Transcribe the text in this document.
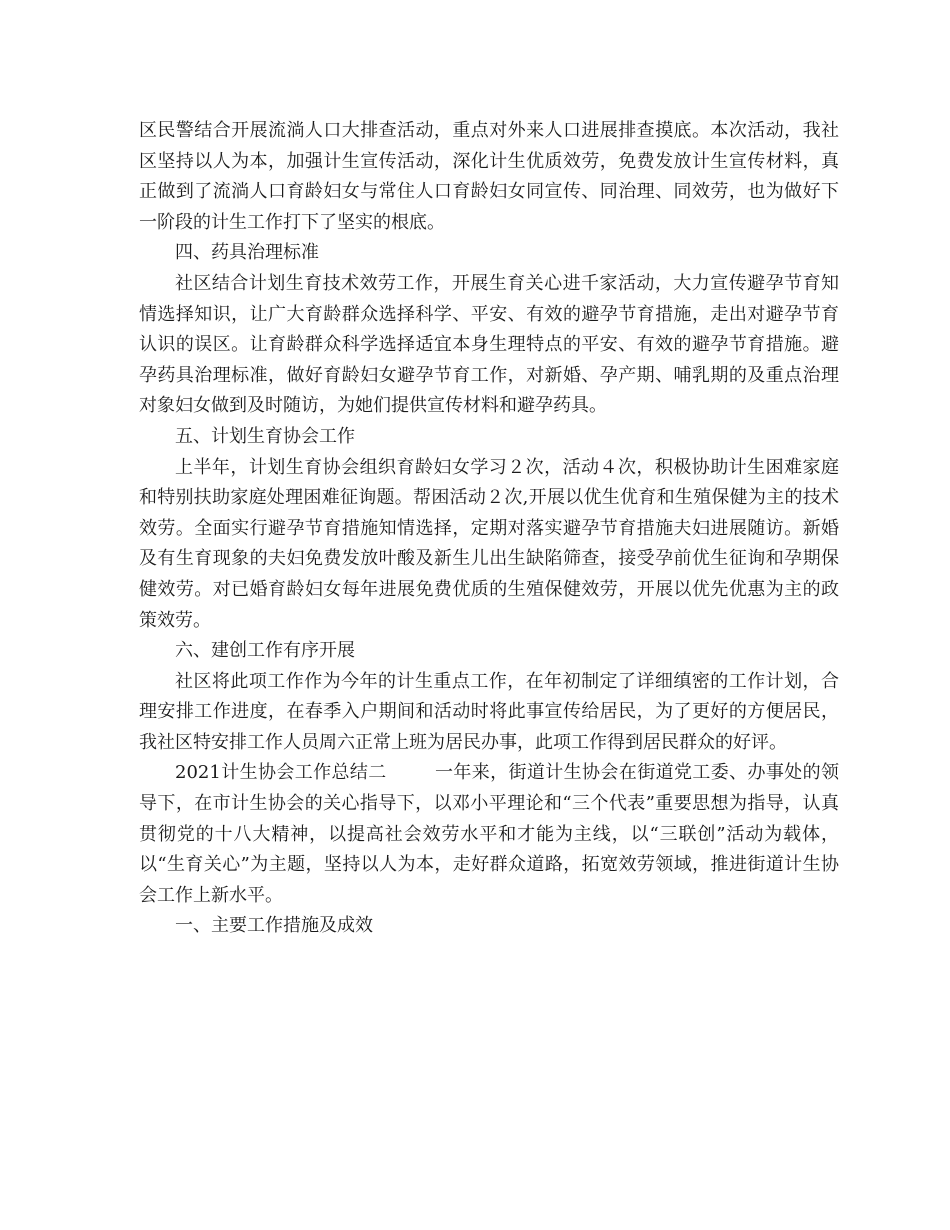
区民警结合开展流淌人口大排查活动，重点对外来人口进展排查摸底。本次活动，我社区坚持以人为本，加强计生宣传活动，深化计生优质效劳，免费发放计生宣传材料，真正做到了流淌人口育龄妇女与常住人口育龄妇女同宣传、同治理、同效劳，也为做好下一阶段的计生工作打下了坚实的根底。

四、药具治理标准

社区结合计划生育技术效劳工作，开展生育关心进千家活动，大力宣传避孕节育知情选择知识，让广大育龄群众选择科学、平安、有效的避孕节育措施，走出对避孕节育认识的误区。让育龄群众科学选择适宜本身生理特点的平安、有效的避孕节育措施。避孕药具治理标准，做好育龄妇女避孕节育工作，对新婚、孕产期、哺乳期的及重点治理对象妇女做到及时随访，为她们提供宣传材料和避孕药具。

五、计划生育协会工作

上半年，计划生育协会组织育龄妇女学习２次，活动４次，积极协助计生困难家庭和特别扶助家庭处理困难征询题。帮困活动２次,开展以优生优育和生殖保健为主的技术效劳。全面实行避孕节育措施知情选择，定期对落实避孕节育措施夫妇进展随访。新婚及有生育现象的夫妇免费发放叶酸及新生儿出生缺陷筛查，接受孕前优生征询和孕期保健效劳。对已婚育龄妇女每年进展免费优质的生殖保健效劳，开展以优先优惠为主的政策效劳。

六、建创工作有序开展

社区将此项工作作为今年的计生重点工作，在年初制定了详细缜密的工作计划，合理安排工作进度，在春季入户期间和活动时将此事宣传给居民，为了更好的方便居民，我社区特安排工作人员周六正常上班为居民办事，此项工作得到居民群众的好评。

2021计生协会工作总结二	一年来，街道计生协会在街道党工委、办事处的领导下，在市计生协会的关心指导下，以邓小平理论和“三个代表”重要思想为指导，认真贯彻党的十八大精神，以提高社会效劳水平和才能为主线，以“三联创”活动为载体，以“生育关心”为主题，坚持以人为本，走好群众道路，拓宽效劳领域，推进街道计生协会工作上新水平。

一、主要工作措施及成效
